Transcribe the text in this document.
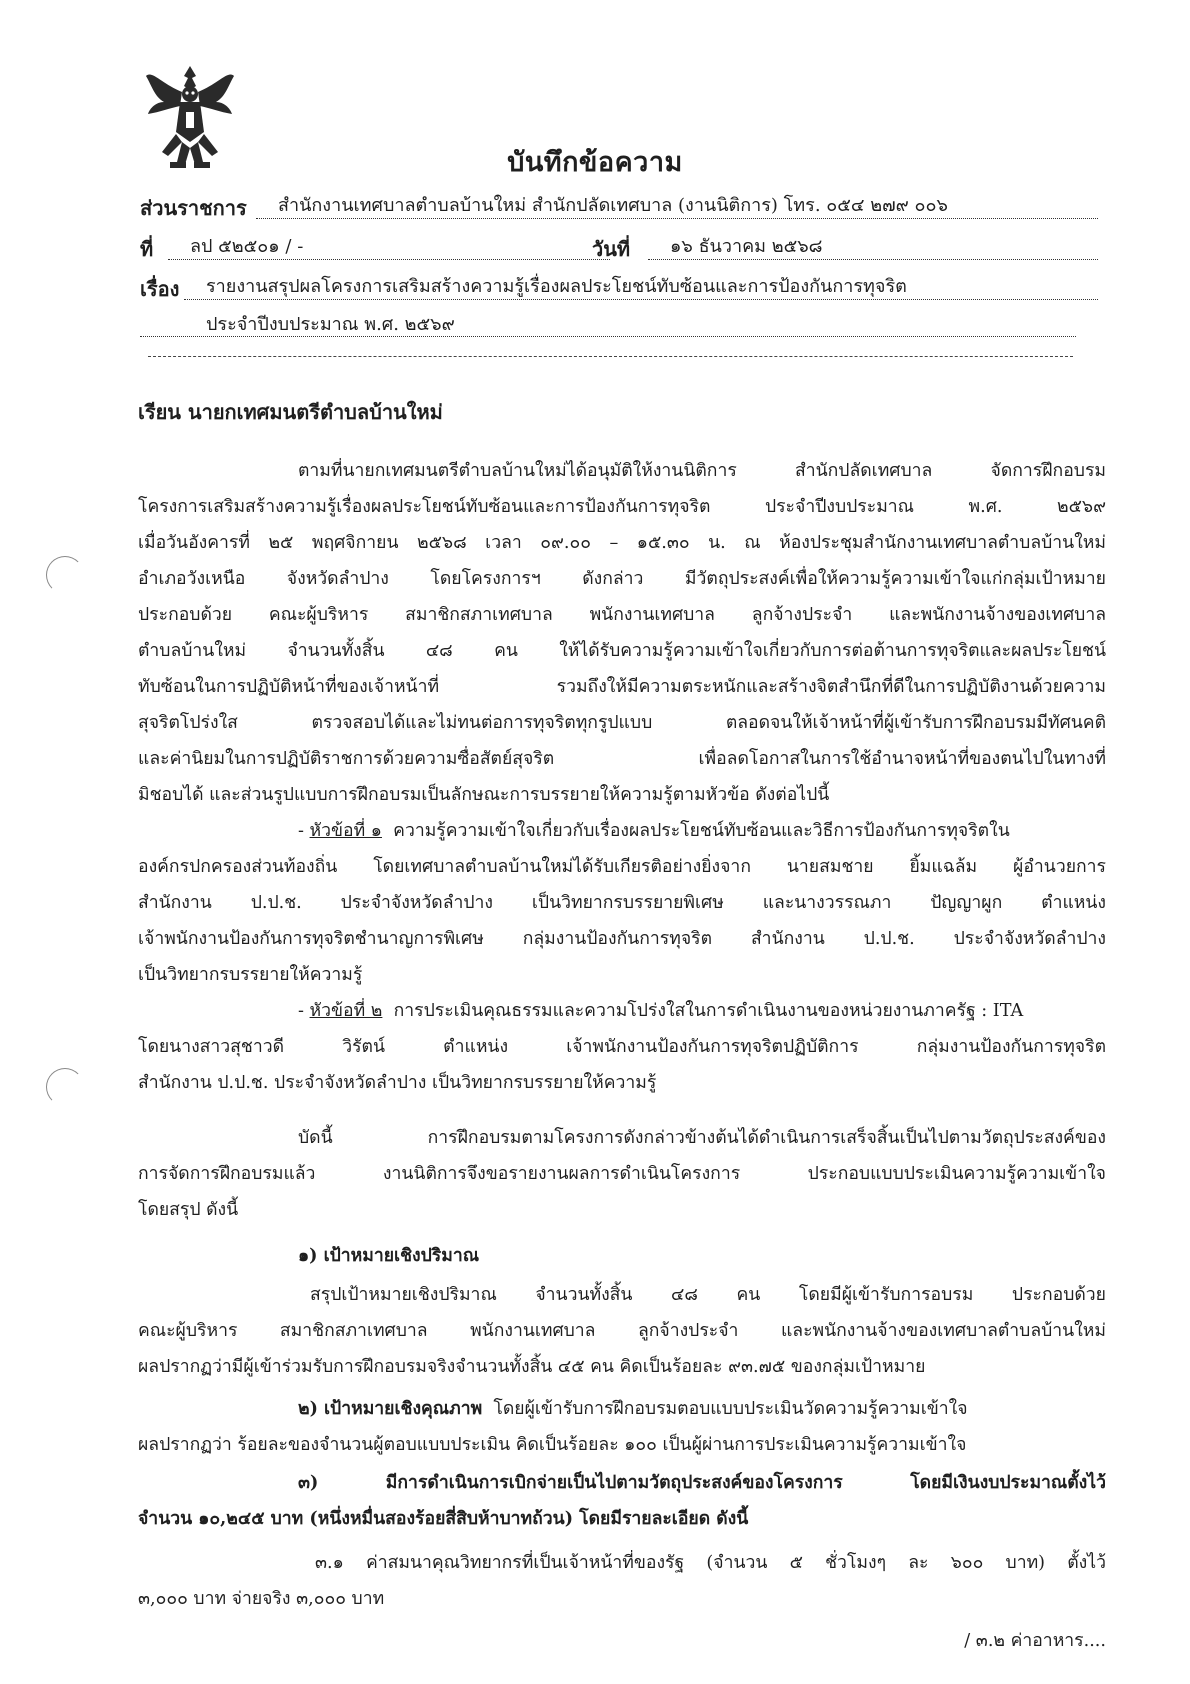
บันทึกข้อความ
ส่วนราชการ	สำนักงานเทศบาลตำบลบ้านใหม่ สำนักปลัดเทศบาล (งานนิติการ) โทร. ๐๕๔ ๒๗๙ ๐๐๖
ที่	ลป ๕๒๕๐๑ / -	วันที่	๑๖ ธันวาคม ๒๕๖๘
เรื่อง	รายงานสรุปผลโครงการเสริมสร้างความรู้เรื่องผลประโยชน์ทับซ้อนและการป้องกันการทุจริต
ประจำปีงบประมาณ พ.ศ. ๒๕๖๙
เรียน นายกเทศมนตรีตำบลบ้านใหม่
ตามที่นายกเทศมนตรีตำบลบ้านใหม่ได้อนุมัติให้งานนิติการ สำนักปลัดเทศบาล จัดการฝึกอบรม
โครงการเสริมสร้างความรู้เรื่องผลประโยชน์ทับซ้อนและการป้องกันการทุจริต ประจำปีงบประมาณ พ.ศ. ๒๕๖๙
เมื่อวันอังคารที่ ๒๕ พฤศจิกายน ๒๕๖๘ เวลา ๐๙.๐๐ – ๑๕.๓๐ น. ณ ห้องประชุมสำนักงานเทศบาลตำบลบ้านใหม่
อำเภอวังเหนือ จังหวัดลำปาง โดยโครงการฯ ดังกล่าว มีวัตถุประสงค์เพื่อให้ความรู้ความเข้าใจแก่กลุ่มเป้าหมาย
ประกอบด้วย คณะผู้บริหาร สมาชิกสภาเทศบาล พนักงานเทศบาล ลูกจ้างประจำ และพนักงานจ้างของเทศบาล
ตำบลบ้านใหม่ จำนวนทั้งสิ้น ๔๘ คน ให้ได้รับความรู้ความเข้าใจเกี่ยวกับการต่อต้านการทุจริตและผลประโยชน์
ทับซ้อนในการปฏิบัติหน้าที่ของเจ้าหน้าที่ รวมถึงให้มีความตระหนักและสร้างจิตสำนึกที่ดีในการปฏิบัติงานด้วยความ
สุจริตโปร่งใส ตรวจสอบได้และไม่ทนต่อการทุจริตทุกรูปแบบ ตลอดจนให้เจ้าหน้าที่ผู้เข้ารับการฝึกอบรมมีทัศนคติ
และค่านิยมในการปฏิบัติราชการด้วยความซื่อสัตย์สุจริต เพื่อลดโอกาสในการใช้อำนาจหน้าที่ของตนไปในทางที่
มิชอบได้ และส่วนรูปแบบการฝึกอบรมเป็นลักษณะการบรรยายให้ความรู้ตามหัวข้อ ดังต่อไปนี้
- หัวข้อที่ ๑ ความรู้ความเข้าใจเกี่ยวกับเรื่องผลประโยชน์ทับซ้อนและวิธีการป้องกันการทุจริตใน
องค์กรปกครองส่วนท้องถิ่น โดยเทศบาลตำบลบ้านใหม่ได้รับเกียรติอย่างยิ่งจาก นายสมชาย ยิ้มแฉล้ม ผู้อำนวยการ
สำนักงาน ป.ป.ช. ประจำจังหวัดลำปาง เป็นวิทยากรบรรยายพิเศษ และนางวรรณภา ปัญญาผูก ตำแหน่ง
เจ้าพนักงานป้องกันการทุจริตชำนาญการพิเศษ กลุ่มงานป้องกันการทุจริต สำนักงาน ป.ป.ช. ประจำจังหวัดลำปาง
เป็นวิทยากรบรรยายให้ความรู้
- หัวข้อที่ ๒ การประเมินคุณธรรมและความโปร่งใสในการดำเนินงานของหน่วยงานภาครัฐ : ITA
โดยนางสาวสุชาวดี วิรัตน์ ตำแหน่ง เจ้าพนักงานป้องกันการทุจริตปฏิบัติการ กลุ่มงานป้องกันการทุจริต
สำนักงาน ป.ป.ช. ประจำจังหวัดลำปาง เป็นวิทยากรบรรยายให้ความรู้
บัดนี้ การฝึกอบรมตามโครงการดังกล่าวข้างต้นได้ดำเนินการเสร็จสิ้นเป็นไปตามวัตถุประสงค์ของ
การจัดการฝึกอบรมแล้ว งานนิติการจึงขอรายงานผลการดำเนินโครงการ ประกอบแบบประเมินความรู้ความเข้าใจ
โดยสรุป ดังนี้
๑) เป้าหมายเชิงปริมาณ
สรุปเป้าหมายเชิงปริมาณ จำนวนทั้งสิ้น ๔๘ คน โดยมีผู้เข้ารับการอบรม ประกอบด้วย
คณะผู้บริหาร สมาชิกสภาเทศบาล พนักงานเทศบาล ลูกจ้างประจำ และพนักงานจ้างของเทศบาลตำบลบ้านใหม่
ผลปรากฏว่ามีผู้เข้าร่วมรับการฝึกอบรมจริงจำนวนทั้งสิ้น ๔๕ คน คิดเป็นร้อยละ ๙๓.๗๕ ของกลุ่มเป้าหมาย
๒) เป้าหมายเชิงคุณภาพ โดยผู้เข้ารับการฝึกอบรมตอบแบบประเมินวัดความรู้ความเข้าใจ
ผลปรากฏว่า ร้อยละของจำนวนผู้ตอบแบบประเมิน คิดเป็นร้อยละ ๑๐๐ เป็นผู้ผ่านการประเมินความรู้ความเข้าใจ
๓) มีการดำเนินการเบิกจ่ายเป็นไปตามวัตถุประสงค์ของโครงการ โดยมีเงินงบประมาณตั้งไว้
จำนวน ๑๐,๒๔๕ บาท (หนึ่งหมื่นสองร้อยสี่สิบห้าบาทถ้วน) โดยมีรายละเอียด ดังนี้
๓.๑ ค่าสมนาคุณวิทยากรที่เป็นเจ้าหน้าที่ของรัฐ (จำนวน ๕ ชั่วโมงๆ ละ ๖๐๐ บาท) ตั้งไว้
๓,๐๐๐ บาท จ่ายจริง ๓,๐๐๐ บาท
/ ๓.๒ ค่าอาหาร....
